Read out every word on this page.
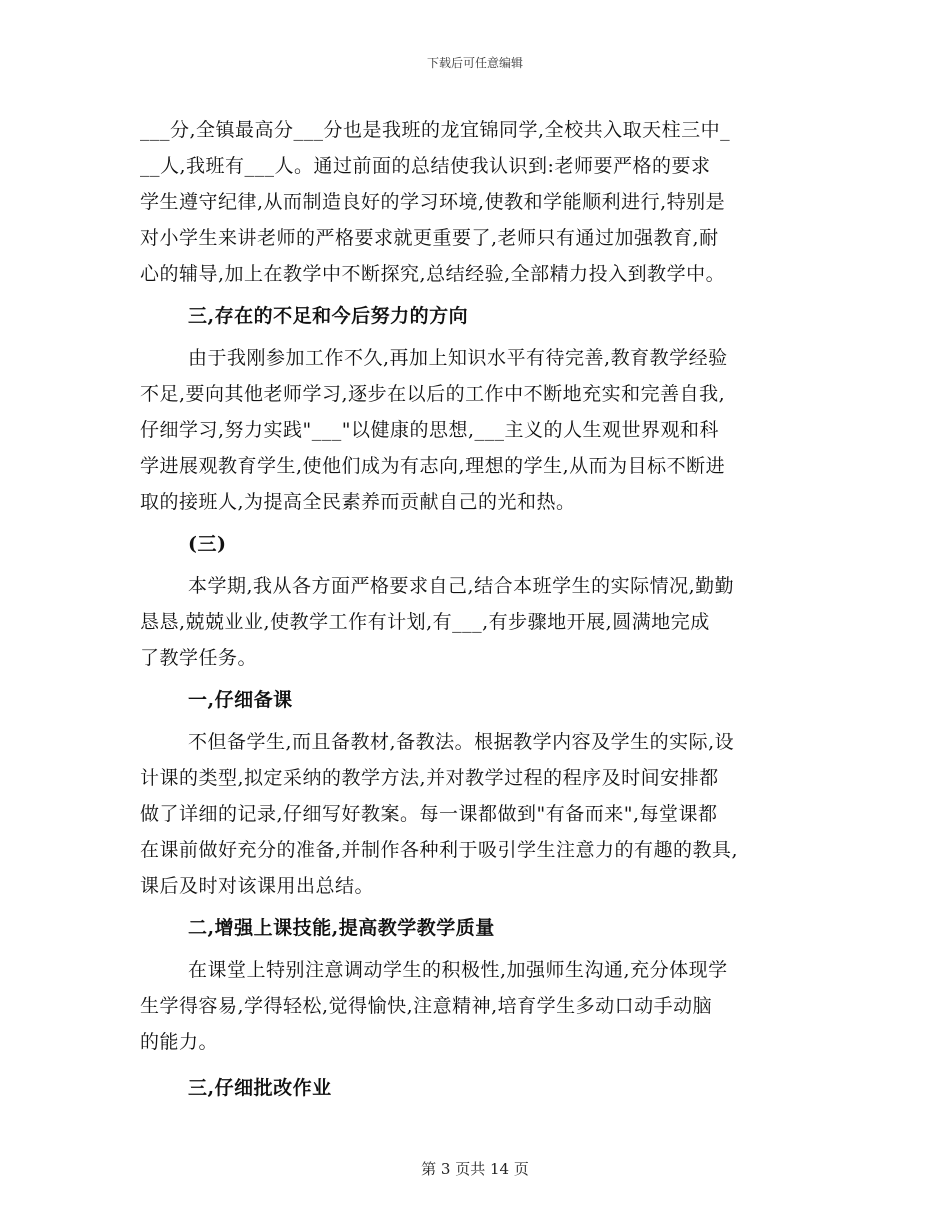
下载后可任意编辑
___分,全镇最高分___分也是我班的龙宜锦同学,全校共入取天柱三中_
__人,我班有___人。通过前面的总结使我认识到:老师要严格的要求
学生遵守纪律,从而制造良好的学习环境,使教和学能顺利进行,特别是
对小学生来讲老师的严格要求就更重要了,老师只有通过加强教育,耐
心的辅导,加上在教学中不断探究,总结经验,全部精力投入到教学中。
三,存在的不足和今后努力的方向
由于我刚参加工作不久,再加上知识水平有待完善,教育教学经验
不足,要向其他老师学习,逐步在以后的工作中不断地充实和完善自我,
仔细学习,努力实践"___"以健康的思想,___主义的人生观世界观和科
学进展观教育学生,使他们成为有志向,理想的学生,从而为目标不断进
取的接班人,为提高全民素养而贡献自己的光和热。
(三)
本学期,我从各方面严格要求自己,结合本班学生的实际情况,勤勤
恳恳,兢兢业业,使教学工作有计划,有___,有步骤地开展,圆满地完成
了教学任务。
一,仔细备课
不但备学生,而且备教材,备教法。根据教学内容及学生的实际,设
计课的类型,拟定采纳的教学方法,并对教学过程的程序及时间安排都
做了详细的记录,仔细写好教案。每一课都做到"有备而来",每堂课都
在课前做好充分的准备,并制作各种利于吸引学生注意力的有趣的教具,
课后及时对该课用出总结。
二,增强上课技能,提高教学教学质量
在课堂上特别注意调动学生的积极性,加强师生沟通,充分体现学
生学得容易,学得轻松,觉得愉快,注意精神,培育学生多动口动手动脑
的能力。
三,仔细批改作业
第 3 页共 14 页
